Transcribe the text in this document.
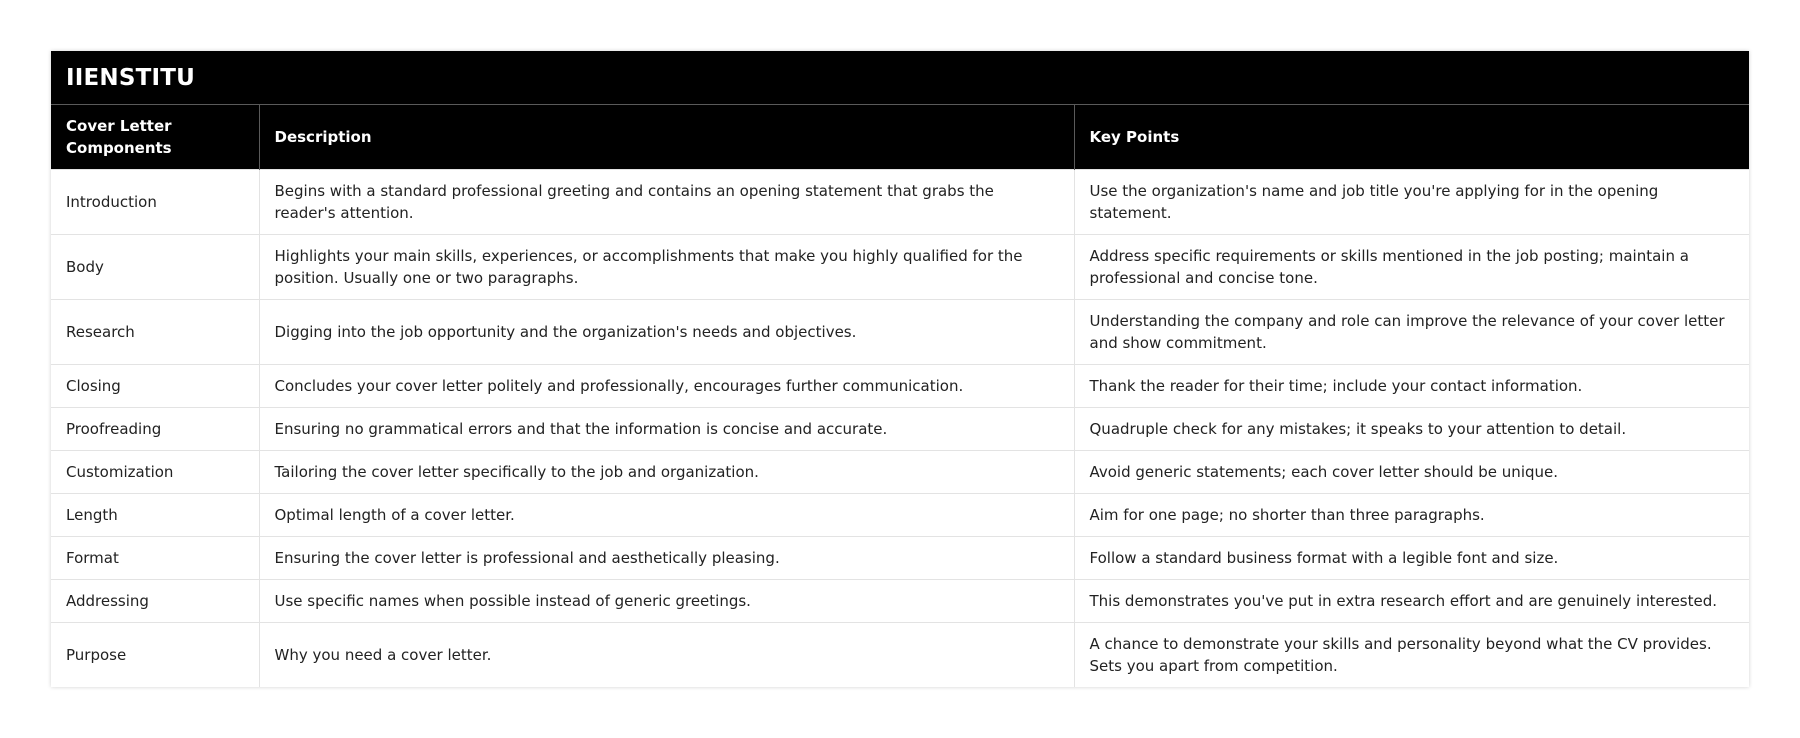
IIENSTITU
Cover Letter Components	Description	Key Points
Introduction	Begins with a standard professional greeting and contains an opening statement that grabs the reader's attention.	Use the organization's name and job title you're applying for in the opening statement.
Body	Highlights your main skills, experiences, or accomplishments that make you highly qualified for the position. Usually one or two paragraphs.	Address specific requirements or skills mentioned in the job posting; maintain a professional and concise tone.
Research	Digging into the job opportunity and the organization's needs and objectives.	Understanding the company and role can improve the relevance of your cover letter and show commitment.
Closing	Concludes your cover letter politely and professionally, encourages further communication.	Thank the reader for their time; include your contact information.
Proofreading	Ensuring no grammatical errors and that the information is concise and accurate.	Quadruple check for any mistakes; it speaks to your attention to detail.
Customization	Tailoring the cover letter specifically to the job and organization.	Avoid generic statements; each cover letter should be unique.
Length	Optimal length of a cover letter.	Aim for one page; no shorter than three paragraphs.
Format	Ensuring the cover letter is professional and aesthetically pleasing.	Follow a standard business format with a legible font and size.
Addressing	Use specific names when possible instead of generic greetings.	This demonstrates you've put in extra research effort and are genuinely interested.
Purpose	Why you need a cover letter.	A chance to demonstrate your skills and personality beyond what the CV provides. Sets you apart from competition.
